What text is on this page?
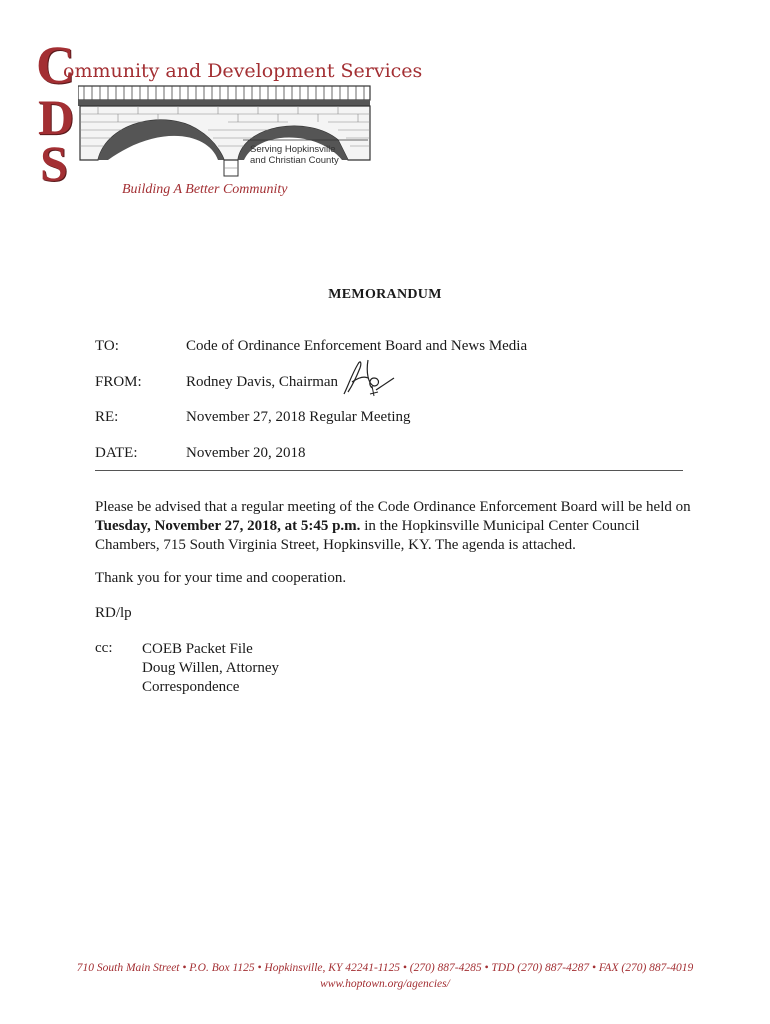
C
D
S
ommunity and Development Services
Serving Hopkinsville
and Christian County
Building A Better Community
MEMORANDUM
TO:	Code of Ordinance Enforcement Board and News Media
FROM:	Rodney Davis, Chairman
RE:	November 27, 2018 Regular Meeting
DATE:	November 20, 2018
Please be advised that a regular meeting of the Code Ordinance Enforcement Board will be held on Tuesday, November 27, 2018, at 5:45 p.m. in the Hopkinsville Municipal Center Council Chambers, 715 South Virginia Street, Hopkinsville, KY. The agenda is attached.
Thank you for your time and cooperation.
RD/lp
cc: COEB Packet File
Doug Willen, Attorney
Correspondence
710 South Main Street • P.O. Box 1125 • Hopkinsville, KY 42241-1125 • (270) 887-4285 • TDD (270) 887-4287 • FAX (270) 887-4019
www.hoptown.org/agencies/
